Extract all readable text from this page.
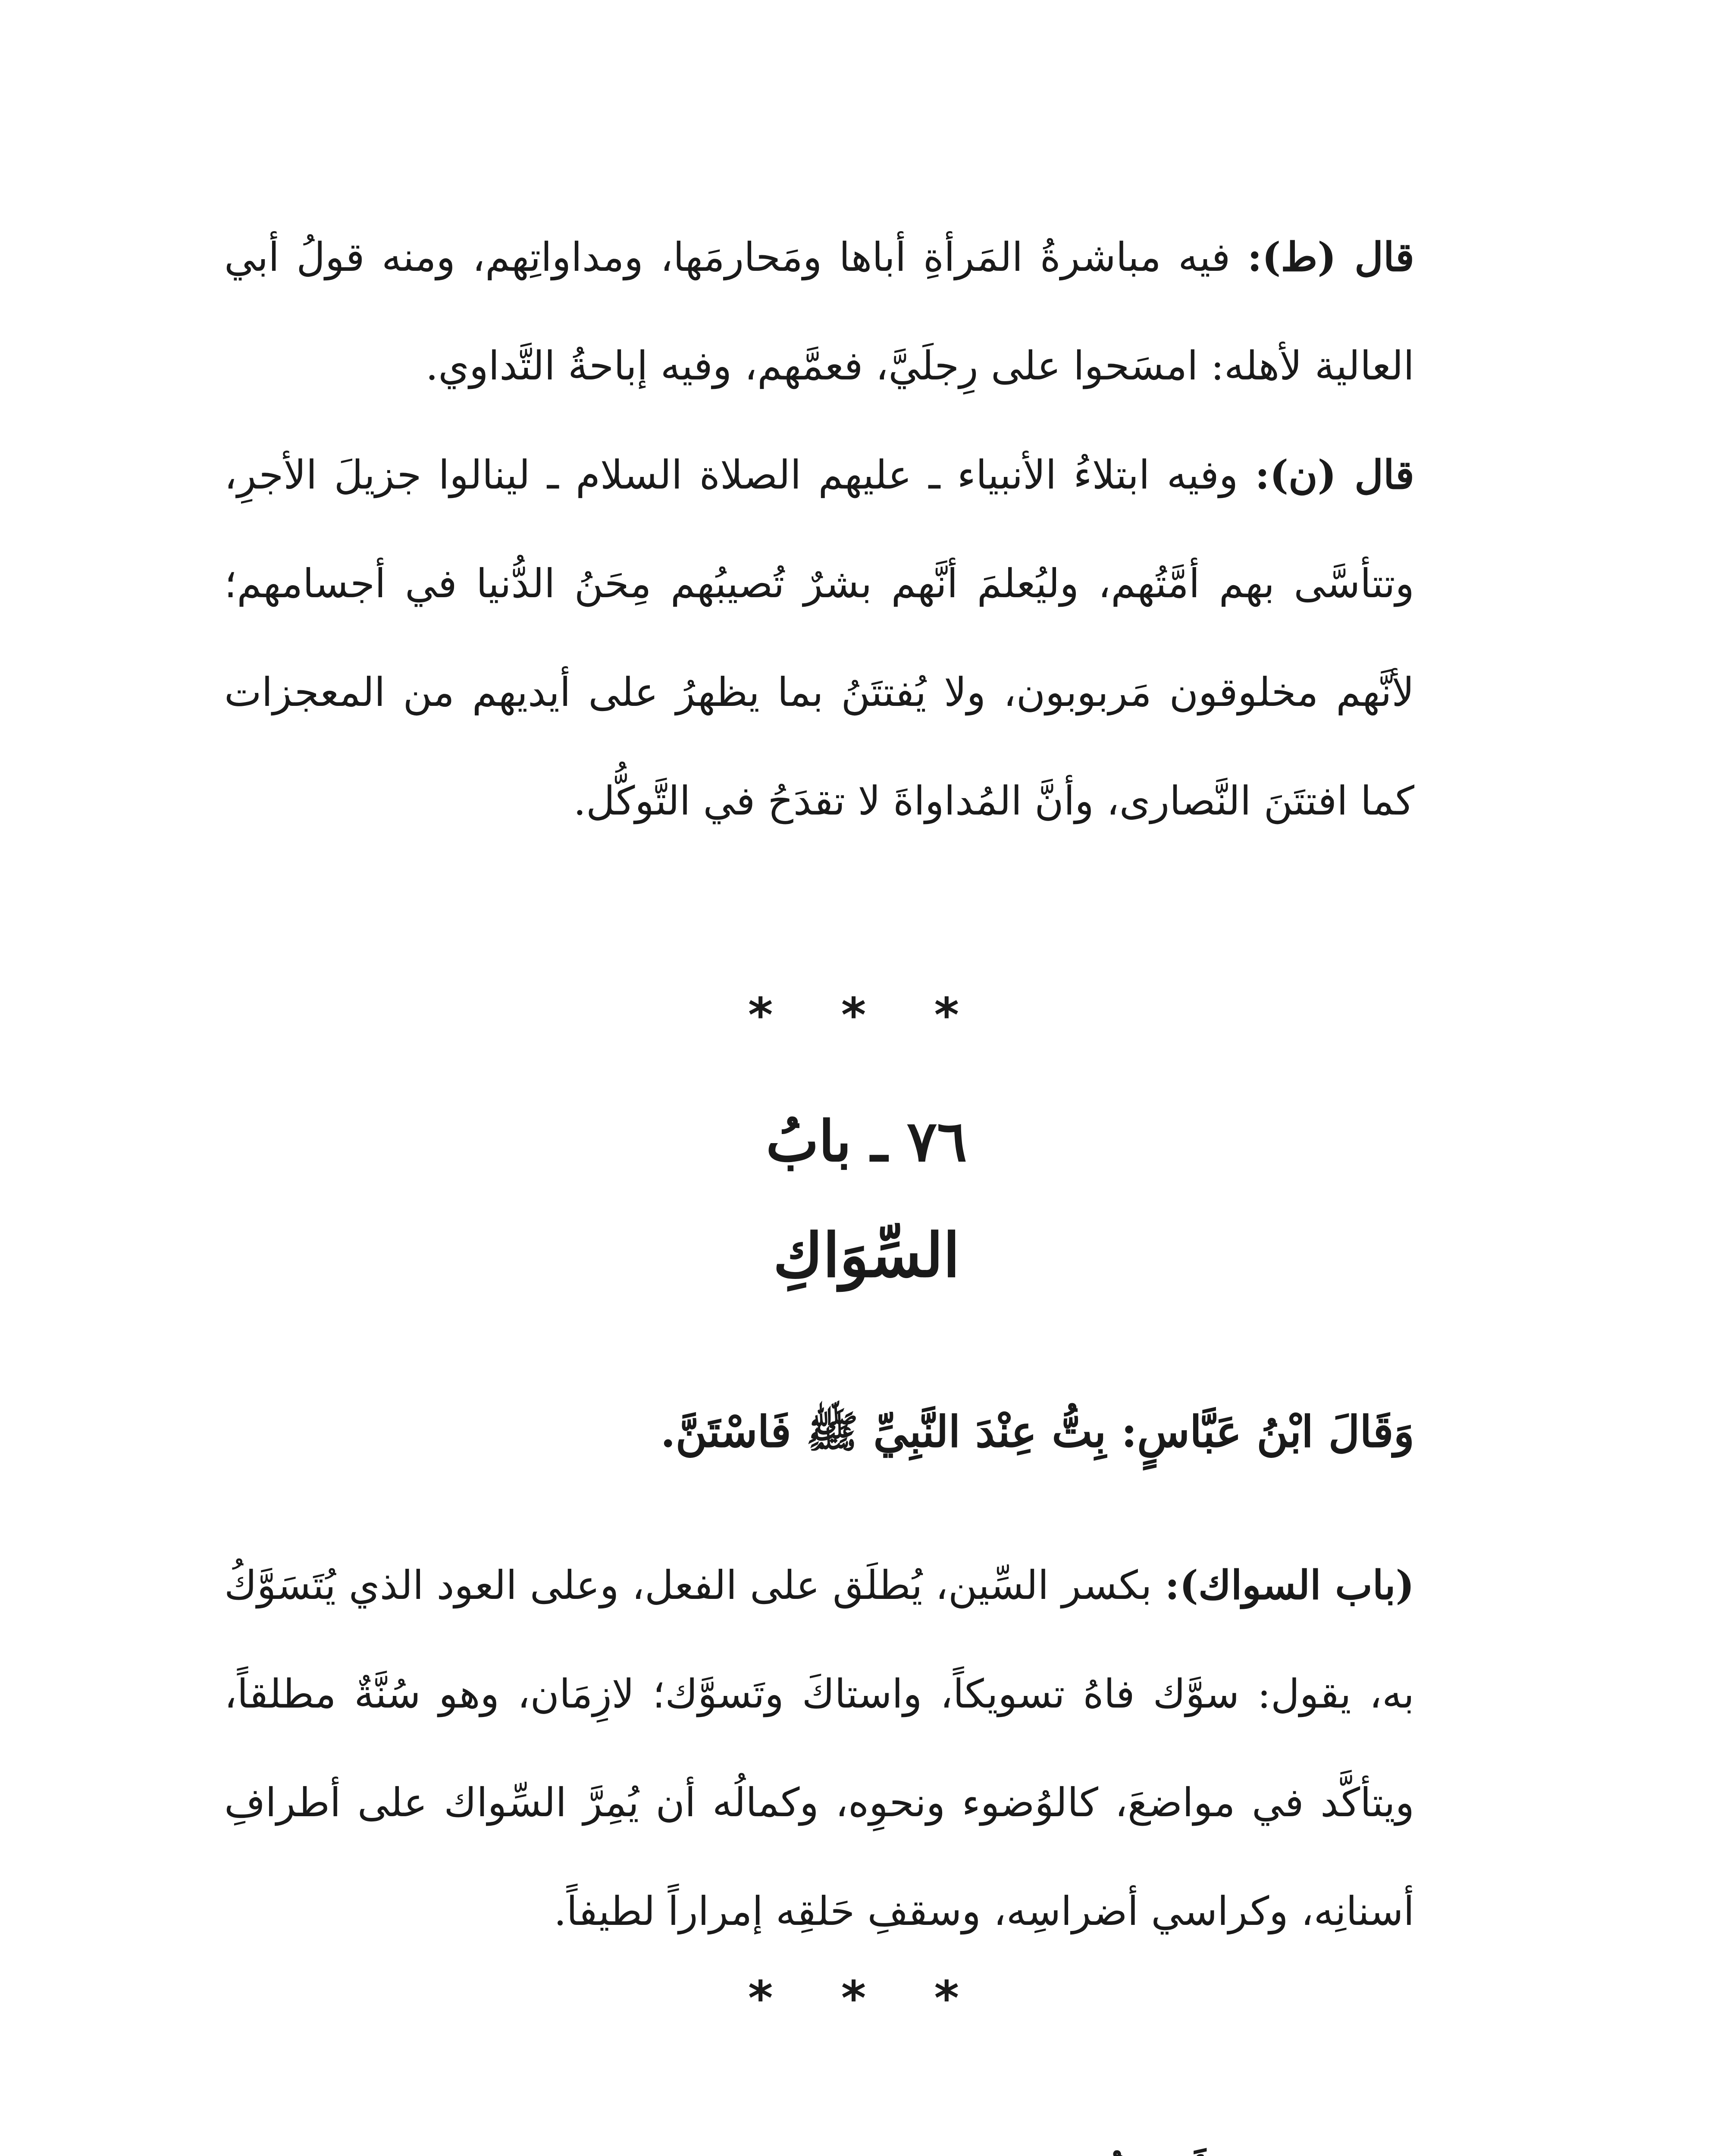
قال (ط): فيه مباشرةُ المَرأةِ أباها ومَحارمَها، ومداواتِهم، ومنه قولُ أبي العالية لأهله: امسَحوا على رِجلَيَّ، فعمَّهم، وفيه إباحةُ التَّداوي.

قال (ن): وفيه ابتلاءُ الأنبياء ـ عليهم الصلاة السلام ـ لينالوا جزيلَ الأجرِ، وتتأسَّى بهم أمَّتُهم، وليُعلمَ أنَّهم بشرٌ تُصيبُهم مِحَنُ الدُّنيا في أجسامهم؛ لأنَّهم مخلوقون مَربوبون، ولا يُفتتَنُ بما يظهرُ على أيديهم من المعجزات كما افتتَنَ النَّصارى، وأنَّ المُداواةَ لا تقدَحُ في التَّوكُّل.

* * *
٧٦ ـ بابُ
السِّوَاكِ
وَقَالَ ابْنُ عَبَّاسٍ: بِتُّ عِنْدَ النَّبِيِّ ﷺ فَاسْتَنَّ.

(باب السواك): بكسر السِّين، يُطلَق على الفعل، وعلى العود الذي يُتَسَوَّكُ به، يقول: سوَّك فاهُ تسويكاً، واستاكَ وتَسوَّك؛ لازِمَان، وهو سُنَّةٌ مطلقاً، ويتأكَّد في مواضعَ، كالوُضوء ونحوِه، وكمالُه أن يُمِرَّ السِّواك على أطرافِ أسنانِه، وكراسي أضراسِه، وسقفِ حَلقِه إمراراً لطيفاً.

* * *
